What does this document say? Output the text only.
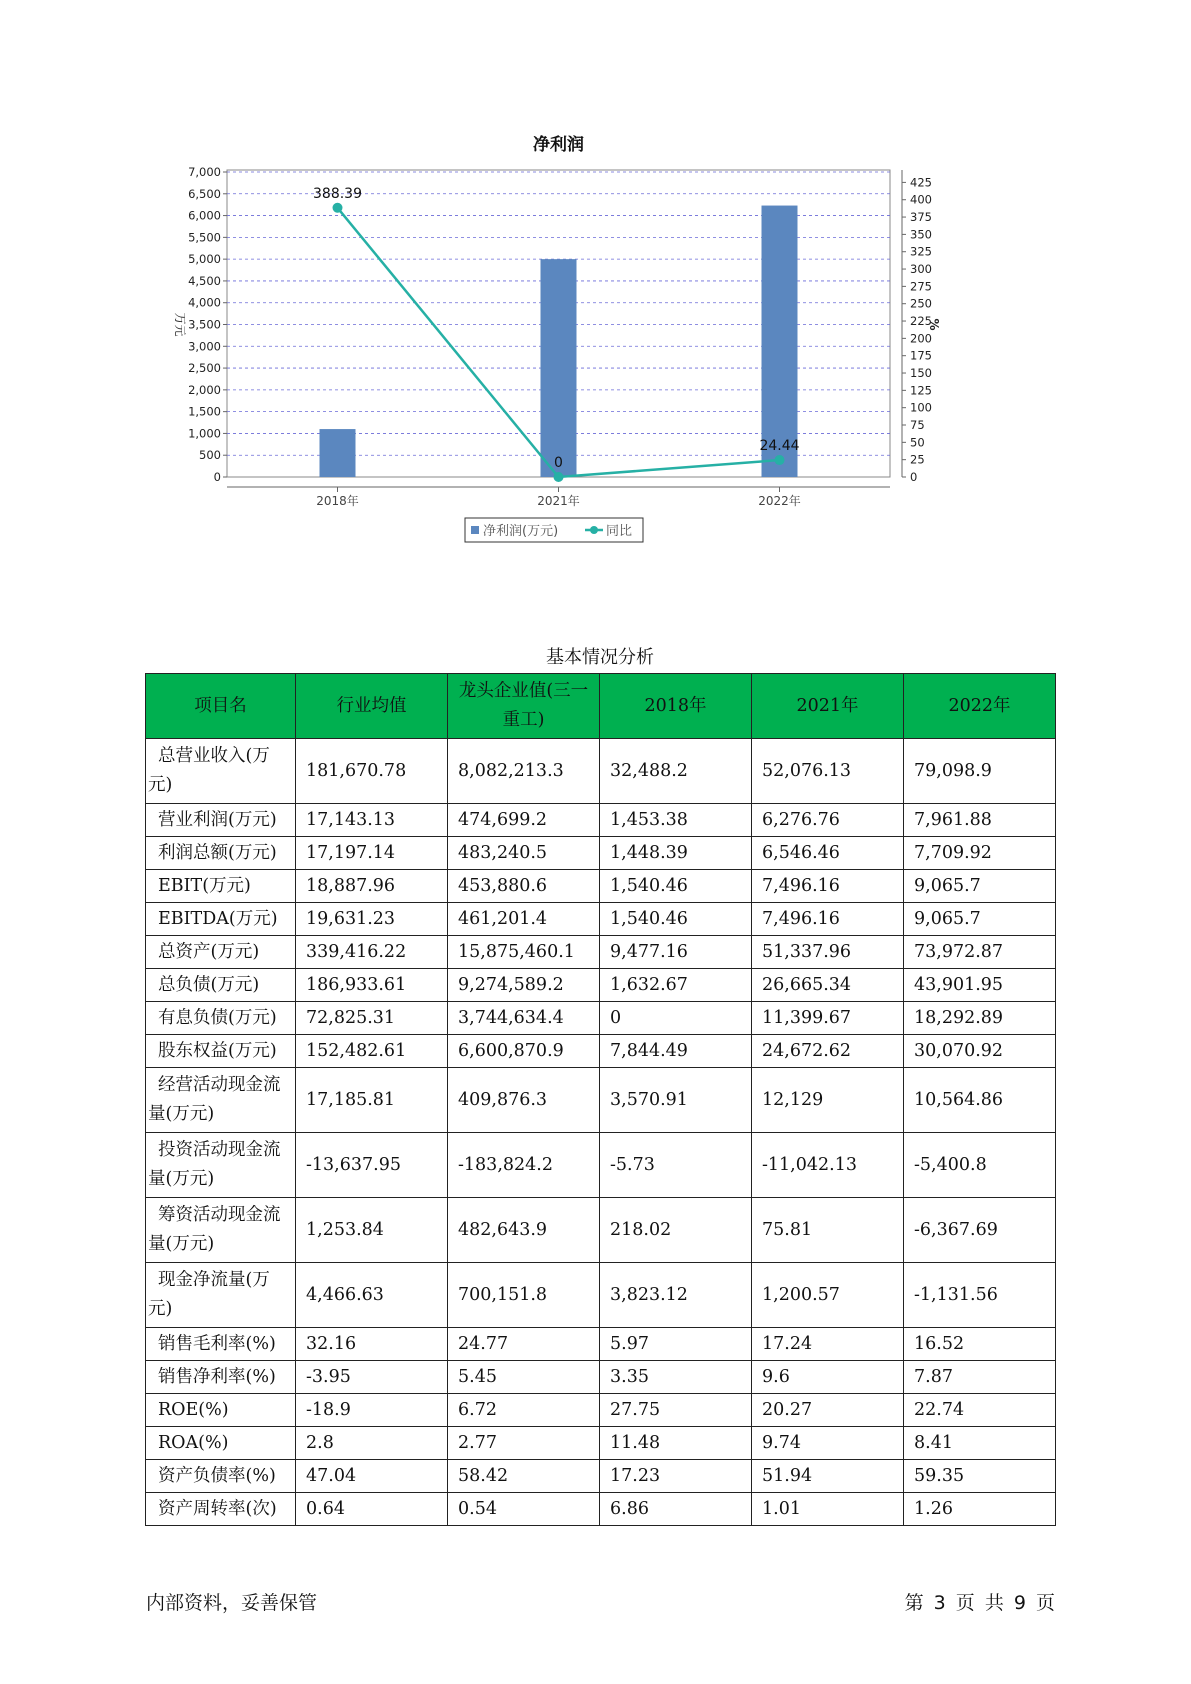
净利润
0
500
1,000
1,500
2,000
2,500
3,000
3,500
4,000
4,500
5,000
5,500
6,000
6,500
7,000
0
25
50
75
100
125
150
175
200
225
250
275
300
325
350
375
400
425
万元	%
2018年	2021年	2022年
388.39
0
24.44
净利润(万元)	同比
基本情况分析
项目名	行业均值	龙头企业值(三一重工)	2018年	2021年	2022年
总营业收入(万元)	181,670.78	8,082,213.3	32,488.2	52,076.13	79,098.9
营业利润(万元)	17,143.13	474,699.2	1,453.38	6,276.76	7,961.88
利润总额(万元)	17,197.14	483,240.5	1,448.39	6,546.46	7,709.92
EBIT(万元)	18,887.96	453,880.6	1,540.46	7,496.16	9,065.7
EBITDA(万元)	19,631.23	461,201.4	1,540.46	7,496.16	9,065.7
总资产(万元)	339,416.22	15,875,460.1	9,477.16	51,337.96	73,972.87
总负债(万元)	186,933.61	9,274,589.2	1,632.67	26,665.34	43,901.95
有息负债(万元)	72,825.31	3,744,634.4	0	11,399.67	18,292.89
股东权益(万元)	152,482.61	6,600,870.9	7,844.49	24,672.62	30,070.92
经营活动现金流量(万元)	17,185.81	409,876.3	3,570.91	12,129	10,564.86
投资活动现金流量(万元)	-13,637.95	-183,824.2	-5.73	-11,042.13	-5,400.8
筹资活动现金流量(万元)	1,253.84	482,643.9	218.02	75.81	-6,367.69
现金净流量(万元)	4,466.63	700,151.8	3,823.12	1,200.57	-1,131.56
销售毛利率(%)	32.16	24.77	5.97	17.24	16.52
销售净利率(%)	-3.95	5.45	3.35	9.6	7.87
ROE(%)	-18.9	6.72	27.75	20.27	22.74
ROA(%)	2.8	2.77	11.48	9.74	8.41
资产负债率(%)	47.04	58.42	17.23	51.94	59.35
资产周转率(次)	0.64	0.54	6.86	1.01	1.26
内部资料，妥善保管	第 3 页 共 9 页
